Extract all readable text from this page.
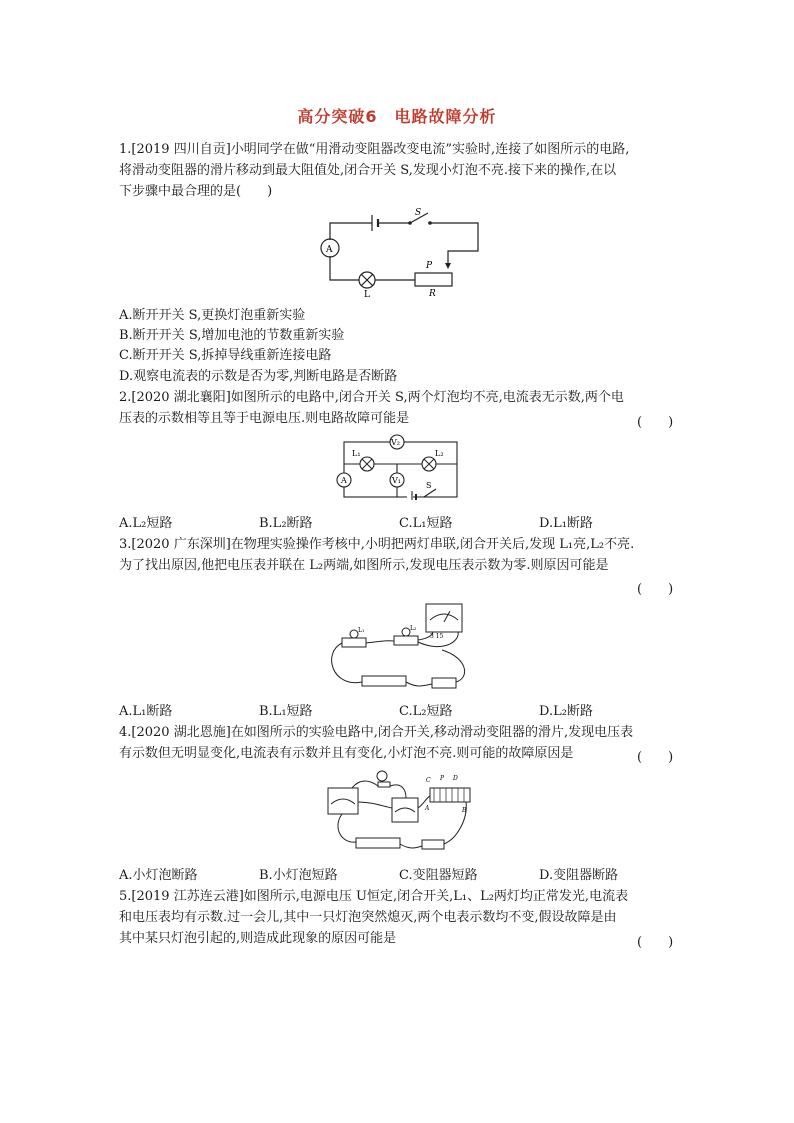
高分突破6　电路故障分析
1.[2019 四川自贡]小明同学在做“用滑动变阻器改变电流”实验时,连接了如图所示的电路,
将滑动变阻器的滑片移动到最大阻值处,闭合开关 S,发现小灯泡不亮.接下来的操作,在以
下步骤中最合理的是(　　)
S
A
L
P
R
A.断开开关 S,更换灯泡重新实验
B.断开开关 S,增加电池的节数重新实验
C.断开开关 S,拆掉导线重新连接电路
D.观察电流表的示数是否为零,判断电路是否断路
2.[2020 湖北襄阳]如图所示的电路中,闭合开关 S,两个灯泡均不亮,电流表无示数,两个电
压表的示数相等且等于电源电压.则电路故障可能是	(　　)
V₂
L₁	L₂
A	V₁
S
A.L₂短路	B.L₂断路	C.L₁短路	D.L₁断路
3.[2020 广东深圳]在物理实验操作考核中,小明把两灯串联,闭合开关后,发现 L₁亮,L₂不亮.
为了找出原因,他把电压表并联在 L₂两端,如图所示,发现电压表示数为零.则原因可能是
(　　)
L₁	L₂
3 15
A.L₁断路	B.L₁短路	C.L₂短路	D.L₂断路
4.[2020 湖北恩施]在如图所示的实验电路中,闭合开关,移动滑动变阻器的滑片,发现电压表
有示数但无明显变化,电流表有示数并且有变化,小灯泡不亮.则可能的故障原因是	(　　)
C P D
A	B
A.小灯泡断路	B.小灯泡短路	C.变阻器短路	D.变阻器断路
5.[2019 江苏连云港]如图所示,电源电压 U恒定,闭合开关,L₁、L₂两灯均正常发光,电流表
和电压表均有示数.过一会儿,其中一只灯泡突然熄灭,两个电表示数均不变,假设故障是由
其中某只灯泡引起的,则造成此现象的原因可能是	(　　)
